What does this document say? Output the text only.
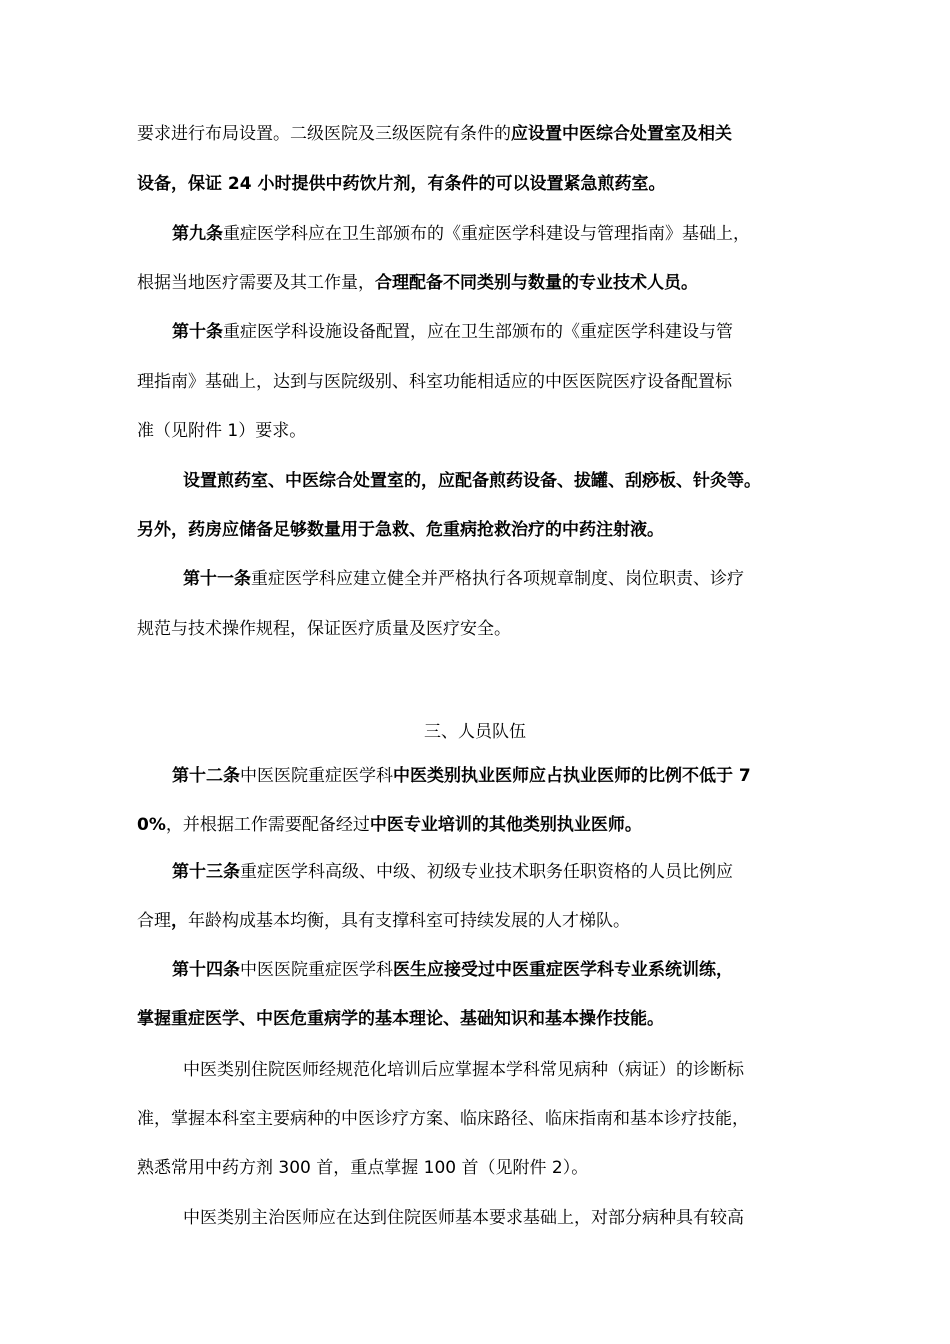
要求进行布局设置。二级医院及三级医院有条件的应设置中医综合处置室及相关
设备，保证 24 小时提供中药饮片剂，有条件的可以设置紧急煎药室。
第九条重症医学科应在卫生部颁布的《重症医学科建设与管理指南》基础上，
根据当地医疗需要及其工作量，合理配备不同类别与数量的专业技术人员。
第十条重症医学科设施设备配置，应在卫生部颁布的《重症医学科建设与管
理指南》基础上，达到与医院级别、科室功能相适应的中医医院医疗设备配置标
准（见附件 1）要求。
设置煎药室、中医综合处置室的，应配备煎药设备、拔罐、刮痧板、针灸等。
另外，药房应储备足够数量用于急救、危重病抢救治疗的中药注射液。
第十一条重症医学科应建立健全并严格执行各项规章制度、岗位职责、诊疗
规范与技术操作规程，保证医疗质量及医疗安全。
三、人员队伍
第十二条中医医院重症医学科中医类别执业医师应占执业医师的比例不低于 7
0%，并根据工作需要配备经过中医专业培训的其他类别执业医师。
第十三条重症医学科高级、中级、初级专业技术职务任职资格的人员比例应
合理，年龄构成基本均衡，具有支撑科室可持续发展的人才梯队。
第十四条中医医院重症医学科医生应接受过中医重症医学科专业系统训练，
掌握重症医学、中医危重病学的基本理论、基础知识和基本操作技能。
中医类别住院医师经规范化培训后应掌握本学科常见病种（病证）的诊断标
准，掌握本科室主要病种的中医诊疗方案、临床路径、临床指南和基本诊疗技能，
熟悉常用中药方剂 300 首，重点掌握 100 首（见附件 2）。
中医类别主治医师应在达到住院医师基本要求基础上，对部分病种具有较高
